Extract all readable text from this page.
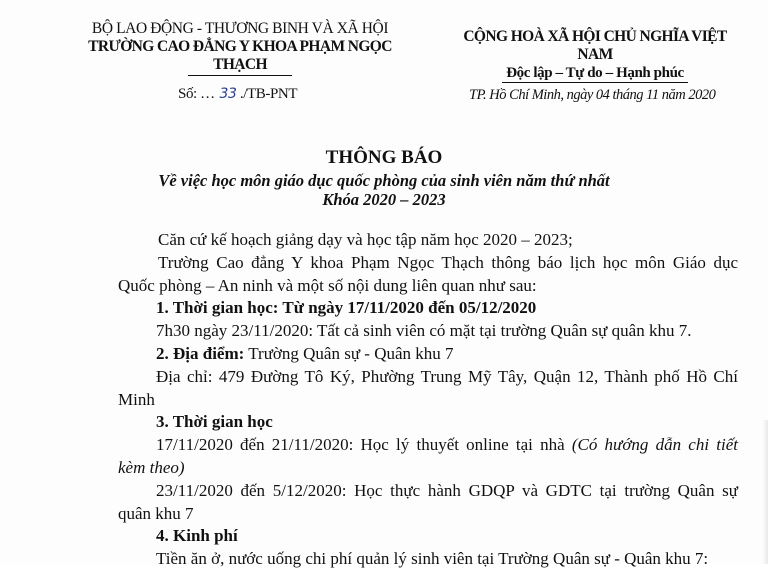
BỘ LAO ĐỘNG - THƯƠNG BINH VÀ XÃ HỘI
TRƯỜNG CAO ĐẲNG Y KHOA PHẠM NGỌC THẠCH
Số: … 33 ./TB-PNT
CỘNG HOÀ XÃ HỘI CHỦ NGHĨA VIỆT NAM
Độc lập – Tự do – Hạnh phúc
TP. Hồ Chí Minh, ngày 04 tháng 11 năm 2020
THÔNG BÁO
Về việc học môn giáo dục quốc phòng của sinh viên năm thứ nhất
Khóa 2020 – 2023
Căn cứ kế hoạch giảng dạy và học tập năm học 2020 – 2023;
Trường Cao đẳng Y khoa Phạm Ngọc Thạch thông báo lịch học môn Giáo dục
Quốc phòng – An ninh và một số nội dung liên quan như sau:
1. Thời gian học: Từ ngày 17/11/2020 đến 05/12/2020
7h30 ngày 23/11/2020: Tất cả sinh viên có mặt tại trường Quân sự quân khu 7.
2. Địa điểm: Trường Quân sự - Quân khu 7
Địa chỉ: 479 Đường Tô Ký, Phường Trung Mỹ Tây, Quận 12, Thành phố Hồ Chí
Minh
3. Thời gian học
17/11/2020 đến 21/11/2020: Học lý thuyết online tại nhà (Có hướng dẫn chi tiết
kèm theo)
23/11/2020 đến 5/12/2020: Học thực hành GDQP và GDTC tại trường Quân sự
quân khu 7
4. Kinh phí
Tiền ăn ở, nước uống chi phí quản lý sinh viên tại Trường Quân sự - Quân khu 7:
